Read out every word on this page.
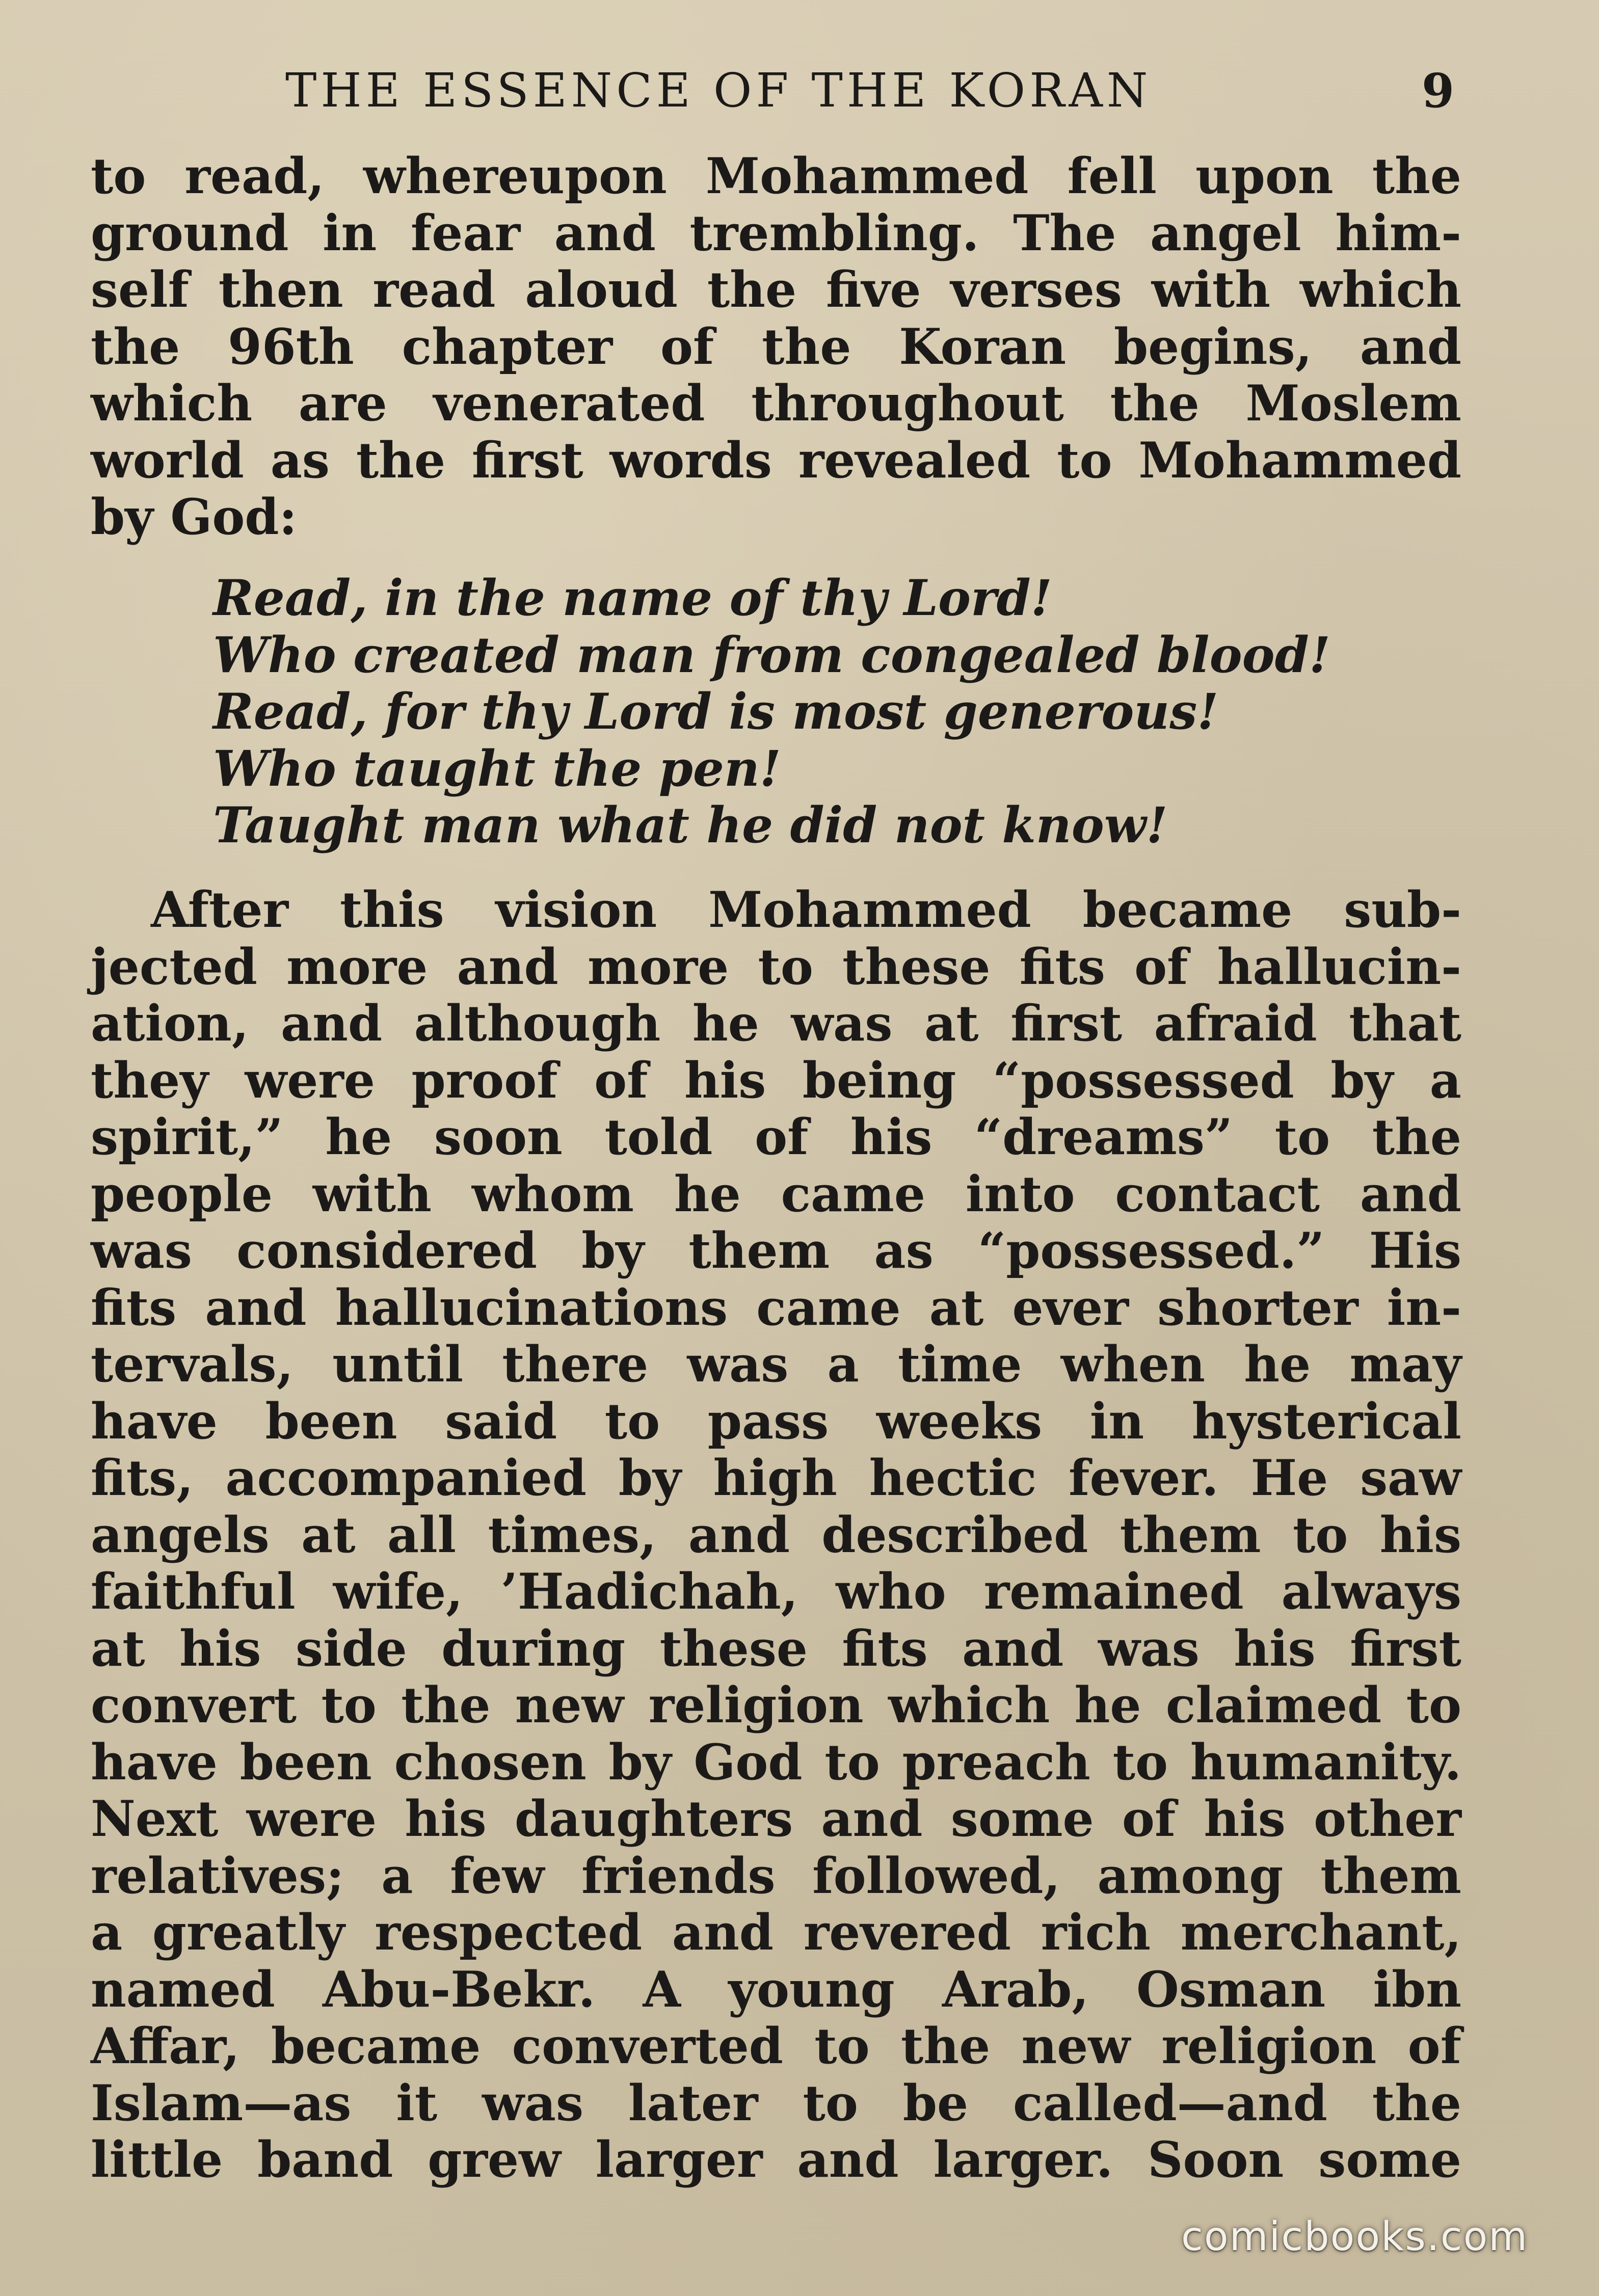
THE ESSENCE OF THE KORAN	9
to read, whereupon Mohammed fell upon the
ground in fear and trembling. The angel him-
self then read aloud the five verses with which
the 96th chapter of the Koran begins, and
which are venerated throughout the Moslem
world as the first words revealed to Mohammed
by God:
Read, in the name of thy Lord!
Who created man from congealed blood!
Read, for thy Lord is most generous!
Who taught the pen!
Taught man what he did not know!
After this vision Mohammed became sub-
jected more and more to these fits of hallucin-
ation, and although he was at first afraid that
they were proof of his being “possessed by a
spirit,” he soon told of his “dreams” to the
people with whom he came into contact and
was considered by them as “possessed.” His
fits and hallucinations came at ever shorter in-
tervals, until there was a time when he may
have been said to pass weeks in hysterical
fits, accompanied by high hectic fever. He saw
angels at all times, and described them to his
faithful wife, ’Hadichah, who remained always
at his side during these fits and was his first
convert to the new religion which he claimed to
have been chosen by God to preach to humanity.
Next were his daughters and some of his other
relatives; a few friends followed, among them
a greatly respected and revered rich merchant,
named Abu-Bekr. A young Arab, Osman ibn
Affar, became converted to the new religion of
Islam—as it was later to be called—and the
little band grew larger and larger. Soon some
comicbooks.com
